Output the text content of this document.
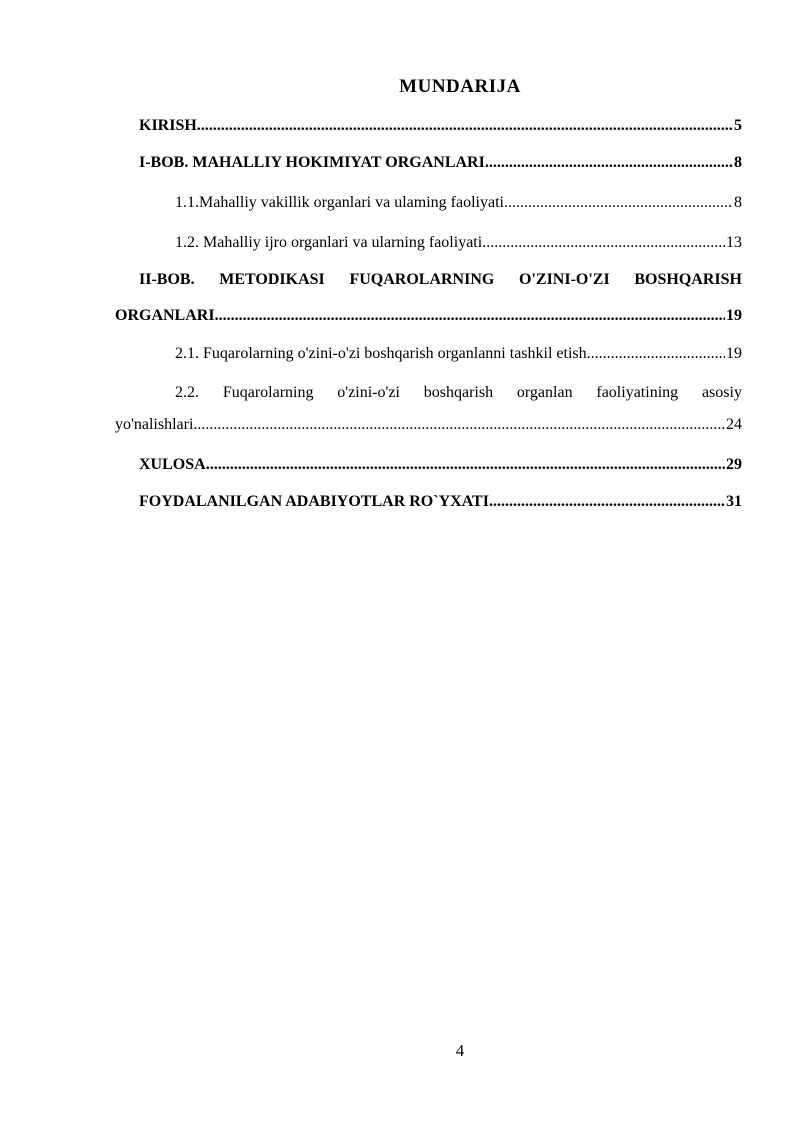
MUNDARIJA
KIRISH .....	5
I-BOB. MAHALLIY HOKIMIYAT ORGANLARI .....	8
1.1. Mahalliy vakillik organlari va ulaming faoliyati .....	8
1.2. Mahalliy ijro organlari va ularning faoliyati .....	13
II-BOB. METODIKASI FUQAROLARNING O'ZINI-O'ZI BOSHQARISH
ORGANLARI .....	19
2.1. Fuqarolarning o'zini-o'zi boshqarish organlanni tashkil etish .....	19
2.2. Fuqarolarning o'zini-o'zi boshqarish organlan faoliyatining asosiy
yo'nalishlari .....	24
XULOSA .....	29
FOYDALANILGAN ADABIYOTLAR RO`YXATI .....	31
4
